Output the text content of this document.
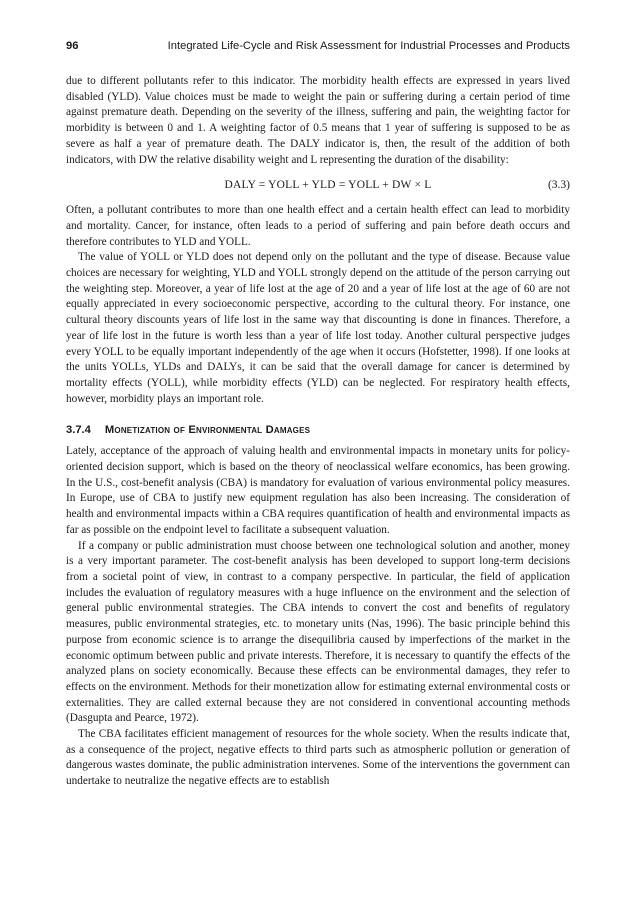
96	Integrated Life-Cycle and Risk Assessment for Industrial Processes and Products

due to different pollutants refer to this indicator. The morbidity health effects are expressed in years lived disabled (YLD). Value choices must be made to weight the pain or suffering during a certain period of time against premature death. Depending on the severity of the illness, suffering and pain, the weighting factor for morbidity is between 0 and 1. A weighting factor of 0.5 means that 1 year of suffering is supposed to be as severe as half a year of premature death. The DALY indicator is, then, the result of the addition of both indicators, with DW the relative disability weight and L representing the duration of the disability:

DALY = YOLL + YLD = YOLL + DW × L	(3.3)

Often, a pollutant contributes to more than one health effect and a certain health effect can lead to morbidity and mortality. Cancer, for instance, often leads to a period of suffering and pain before death occurs and therefore contributes to YLD and YOLL.

The value of YOLL or YLD does not depend only on the pollutant and the type of disease. Because value choices are necessary for weighting, YLD and YOLL strongly depend on the attitude of the person carrying out the weighting step. Moreover, a year of life lost at the age of 20 and a year of life lost at the age of 60 are not equally appreciated in every socioeconomic perspective, according to the cultural theory. For instance, one cultural theory discounts years of life lost in the same way that discounting is done in finances. Therefore, a year of life lost in the future is worth less than a year of life lost today. Another cultural perspective judges every YOLL to be equally important independently of the age when it occurs (Hofstetter, 1998). If one looks at the units YOLLs, YLDs and DALYs, it can be said that the overall damage for cancer is determined by mortality effects (YOLL), while morbidity effects (YLD) can be neglected. For respiratory health effects, however, morbidity plays an important role.

3.7.4 Monetization of Environmental Damages

Lately, acceptance of the approach of valuing health and environmental impacts in monetary units for policy-oriented decision support, which is based on the theory of neoclassical welfare economics, has been growing. In the U.S., cost-benefit analysis (CBA) is mandatory for evaluation of various environmental policy measures. In Europe, use of CBA to justify new equipment regulation has also been increasing. The consideration of health and environmental impacts within a CBA requires quantification of health and environmental impacts as far as possible on the endpoint level to facilitate a subsequent valuation.

If a company or public administration must choose between one technological solution and another, money is a very important parameter. The cost-benefit analysis has been developed to support long-term decisions from a societal point of view, in contrast to a company perspective. In particular, the field of application includes the evaluation of regulatory measures with a huge influence on the environment and the selection of general public environmental strategies. The CBA intends to convert the cost and benefits of regulatory measures, public environmental strategies, etc. to monetary units (Nas, 1996). The basic principle behind this purpose from economic science is to arrange the disequilibria caused by imperfections of the market in the economic optimum between public and private interests. Therefore, it is necessary to quantify the effects of the analyzed plans on society economically. Because these effects can be environmental damages, they refer to effects on the environment. Methods for their monetization allow for estimating external environmental costs or externalities. They are called external because they are not considered in conventional accounting methods (Dasgupta and Pearce, 1972).

The CBA facilitates efficient management of resources for the whole society. When the results indicate that, as a consequence of the project, negative effects to third parts such as atmospheric pollution or generation of dangerous wastes dominate, the public administration intervenes. Some of the interventions the government can undertake to neutralize the negative effects are to establish
